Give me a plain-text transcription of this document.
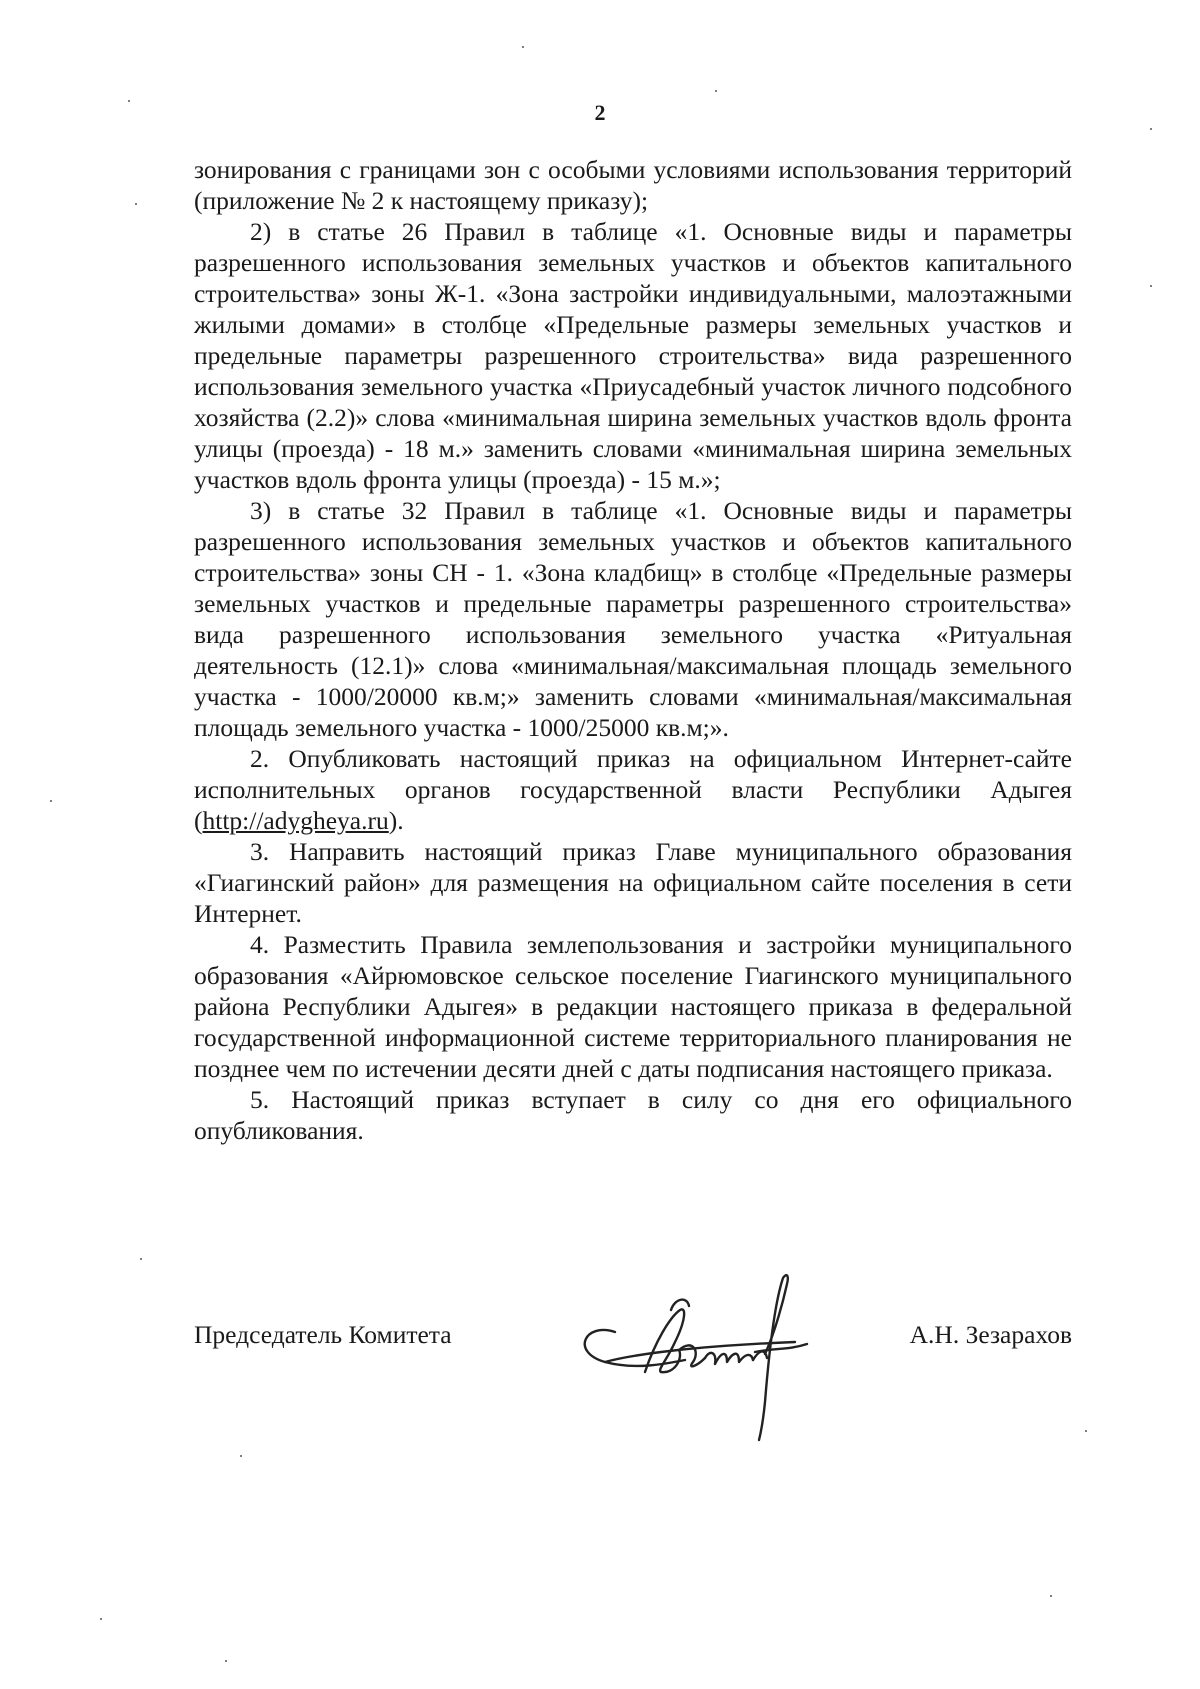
2

зонирования с границами зон с особыми условиями использования территорий (приложение № 2 к настоящему приказу);

2) в статье 26 Правил в таблице «1. Основные виды и параметры разрешенного использования земельных участков и объектов капитального строительства» зоны Ж-1. «Зона застройки индивидуальными, малоэтажными жилыми домами» в столбце «Предельные размеры земельных участков и предельные параметры разрешенного строительства» вида разрешенного использования земельного участка «Приусадебный участок личного подсобного хозяйства (2.2)» слова «минимальная ширина земельных участков вдоль фронта улицы (проезда) - 18 м.» заменить словами «минимальная ширина земельных участков вдоль фронта улицы (проезда) - 15 м.»;

3) в статье 32 Правил в таблице «1. Основные виды и параметры разрешенного использования земельных участков и объектов капитального строительства» зоны СН - 1. «Зона кладбищ» в столбце «Предельные размеры земельных участков и предельные параметры разрешенного строительства» вида разрешенного использования земельного участка «Ритуальная деятельность (12.1)» слова «минимальная/максимальная площадь земельного участка - 1000/20000 кв.м;» заменить словами «минимальная/максимальная площадь земельного участка - 1000/25000 кв.м;».

2. Опубликовать настоящий приказ на официальном Интернет-сайте исполнительных органов государственной власти Республики Адыгея (http://adygheya.ru).

3. Направить настоящий приказ Главе муниципального образования «Гиагинский район» для размещения на официальном сайте поселения в сети Интернет.

4. Разместить Правила землепользования и застройки муниципального образования «Айрюмовское сельское поселение Гиагинского муниципального района Республики Адыгея» в редакции настоящего приказа в федеральной государственной информационной системе территориального планирования не позднее чем по истечении десяти дней с даты подписания настоящего приказа.

5. Настоящий приказ вступает в силу со дня его официального опубликования.

Председатель Комитета	А.Н. Зезарахов
